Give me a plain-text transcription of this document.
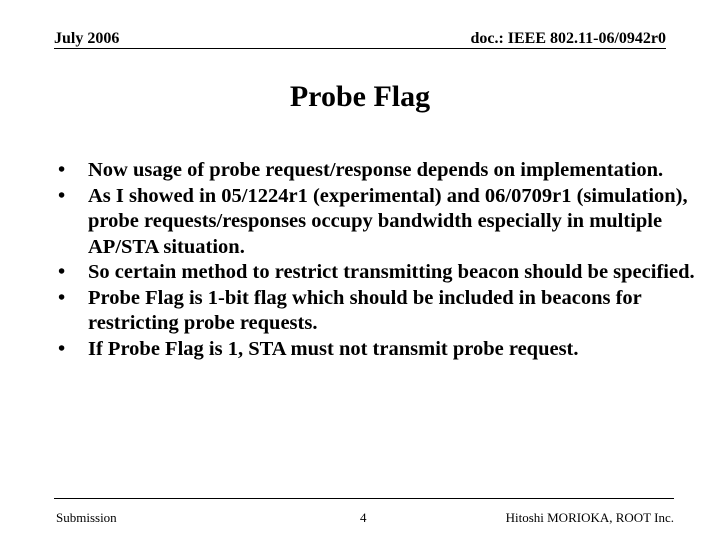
July 2006	doc.: IEEE 802.11-06/0942r0
Probe Flag
• Now usage of probe request/response depends on implementation.
• As I showed in 05/1224r1 (experimental) and 06/0709r1 (simulation), probe requests/responses occupy bandwidth especially in multiple AP/STA situation.
• So certain method to restrict transmitting beacon should be specified.
• Probe Flag is 1-bit flag which should be included in beacons for restricting probe requests.
• If Probe Flag is 1, STA must not transmit probe request.
Submission	4	Hitoshi MORIOKA, ROOT Inc.
